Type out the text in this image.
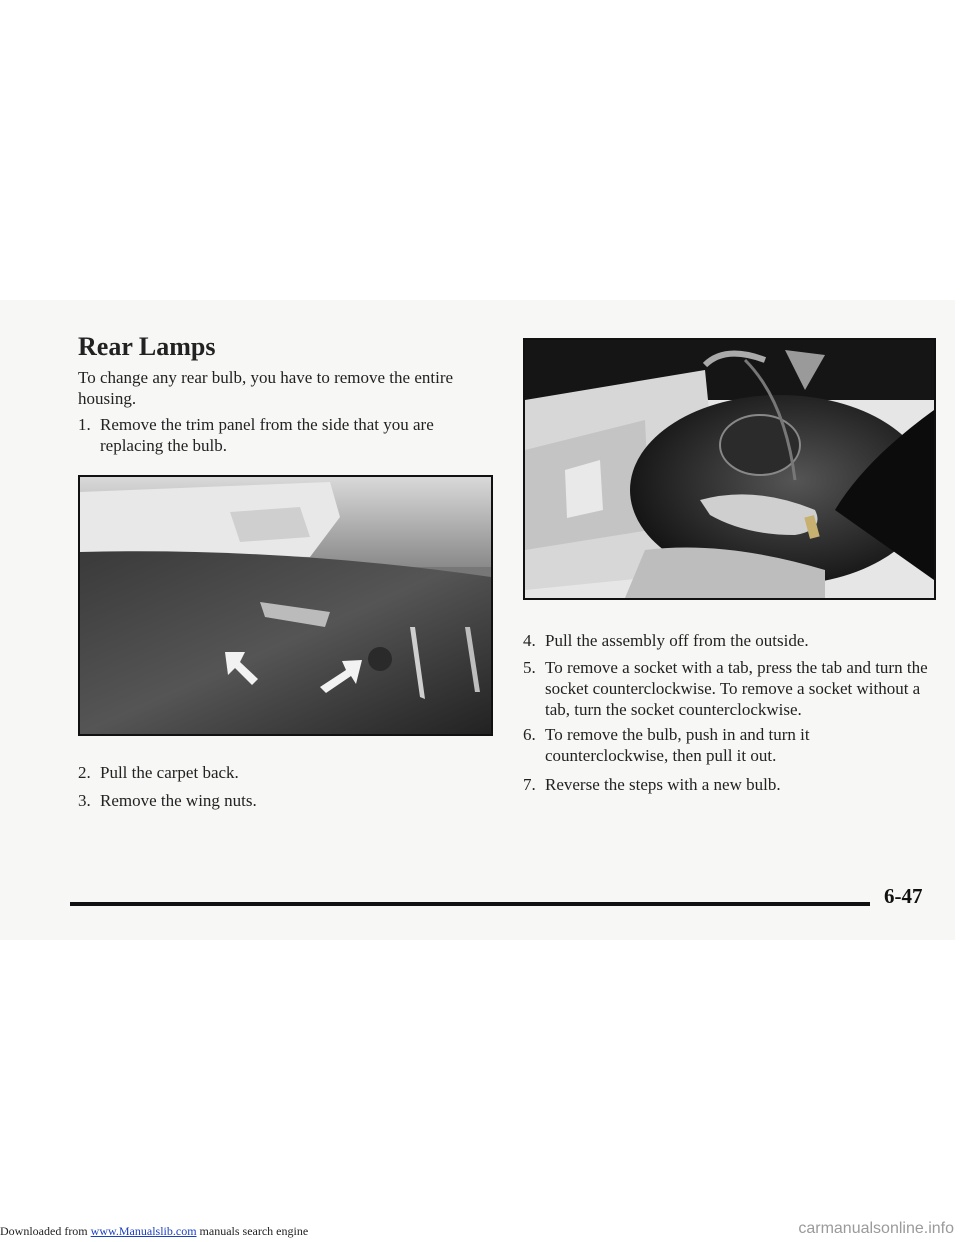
Rear Lamps
To change any rear bulb, you have to remove the entire housing.
1. Remove the trim panel from the side that you are replacing the bulb.
2. Pull the carpet back.
3. Remove the wing nuts.
4. Pull the assembly off from the outside.
5. To remove a socket with a tab, press the tab and turn the socket counterclockwise. To remove a socket without a tab, turn the socket counterclockwise.
6. To remove the bulb, push in and turn it counterclockwise, then pull it out.
7. Reverse the steps with a new bulb.
6-47
Downloaded from www.Manualslib.com manuals search engine	carmanualsonline.info
